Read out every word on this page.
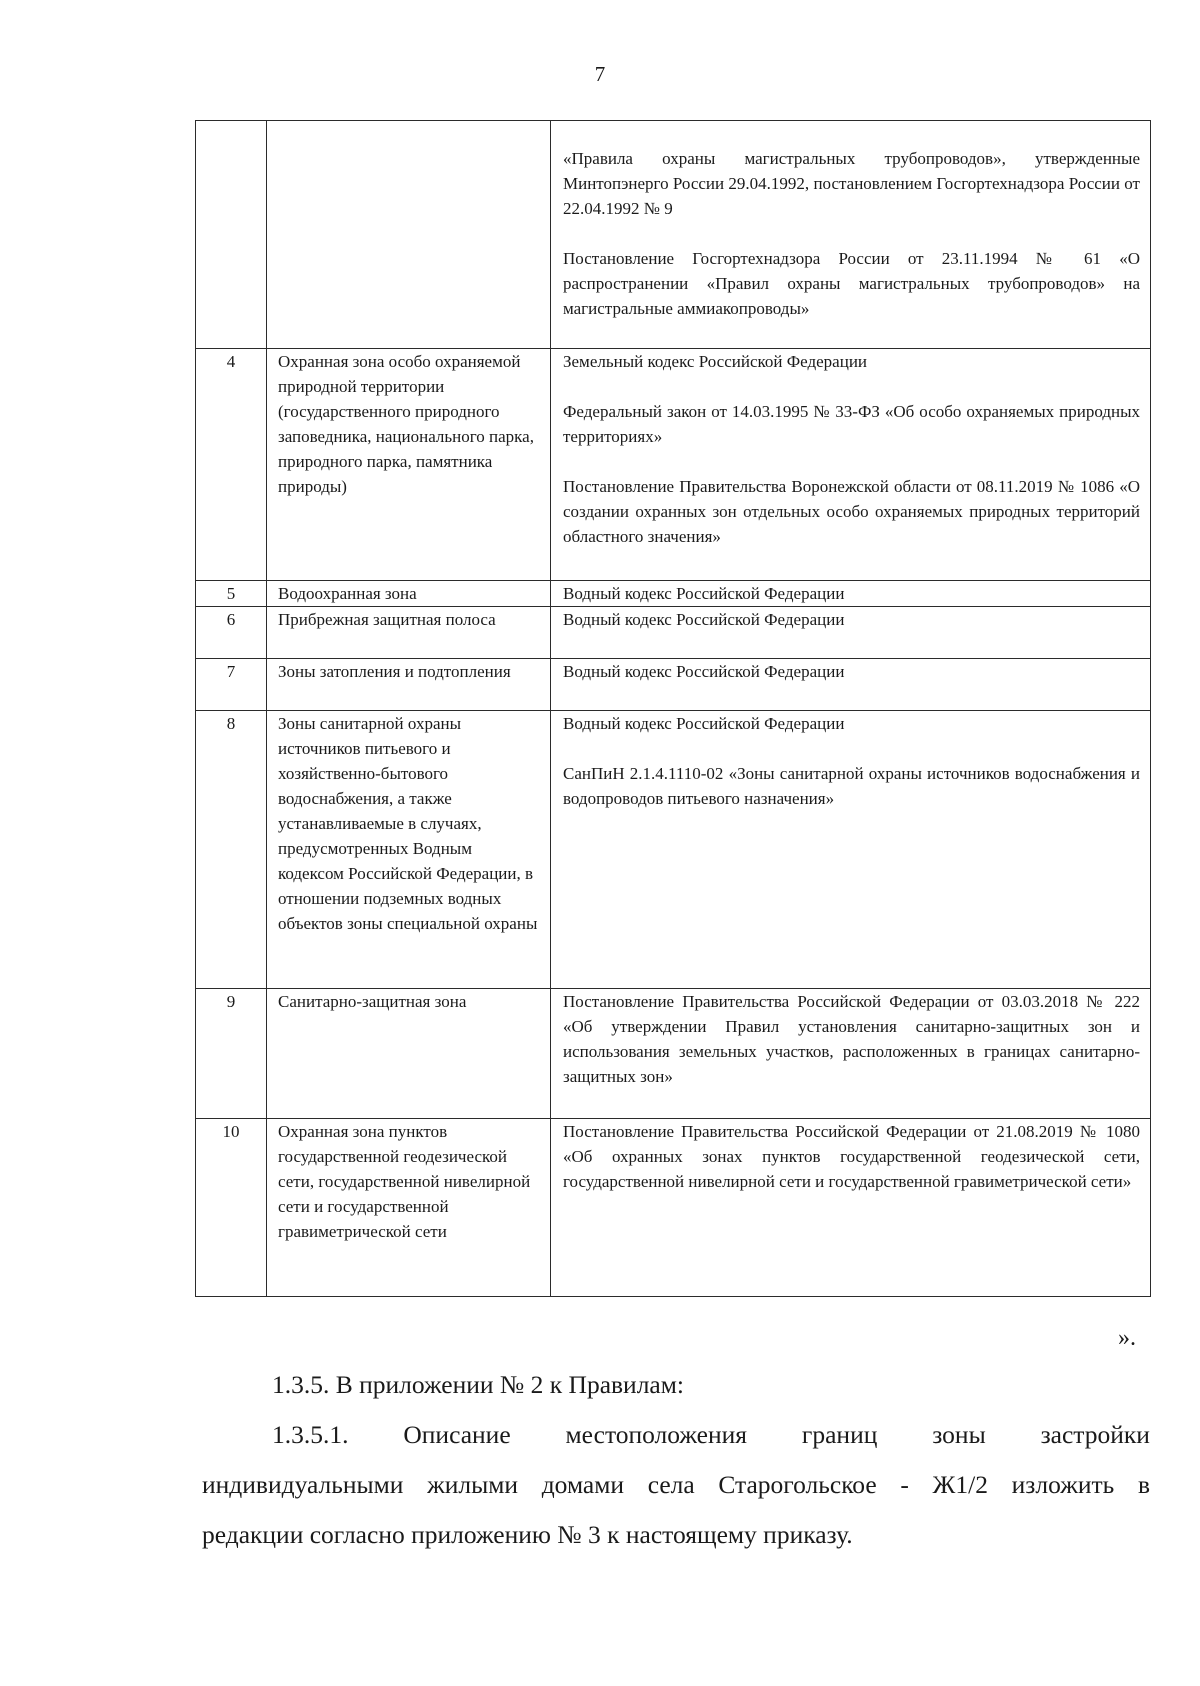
7

		«Правила охраны магистральных трубопроводов», утвержденные Минтопэнерго России 29.04.1992, постановлением Госгортехнадзора России от 22.04.1992 № 9

Постановление Госгортехнадзора России от 23.11.1994 № 61 «О распространении «Правил охраны магистральных трубопроводов» на магистральные аммиакопроводы»

4	Охранная зона особо охраняемой природной территории (государственного природного заповедника, национального парка, природного парка, памятника природы)	Земельный кодекс Российской Федерации

Федеральный закон от 14.03.1995 № 33-ФЗ «Об особо охраняемых природных территориях»

Постановление Правительства Воронежской области от 08.11.2019 № 1086 «О создании охранных зон отдельных особо охраняемых природных территорий областного значения»

5	Водоохранная зона	Водный кодекс Российской Федерации

6	Прибрежная защитная полоса	Водный кодекс Российской Федерации

7	Зоны затопления и подтопления	Водный кодекс Российской Федерации

8	Зоны санитарной охраны источников питьевого и хозяйственно-бытового водоснабжения, а также устанавливаемые в случаях, предусмотренных Водным кодексом Российской Федерации, в отношении подземных водных объектов зоны специальной охраны	Водный кодекс Российской Федерации

СанПиН 2.1.4.1110-02 «Зоны санитарной охраны источников водоснабжения и водопроводов питьевого назначения»

9	Санитарно-защитная зона	Постановление Правительства Российской Федерации от 03.03.2018 № 222 «Об утверждении Правил установления санитарно-защитных зон и использования земельных участков, расположенных в границах санитарно-защитных зон»

10	Охранная зона пунктов государственной геодезической сети, государственной нивелирной сети и государственной гравиметрической сети	Постановление Правительства Российской Федерации от 21.08.2019 № 1080 «Об охранных зонах пунктов государственной геодезической сети, государственной нивелирной сети и государственной гравиметрической сети»

».
1.3.5. В приложении № 2 к Правилам:
1.3.5.1. Описание местоположения границ зоны застройки
индивидуальными жилыми домами села Старогольское - Ж1/2 изложить в
редакции согласно приложению № 3 к настоящему приказу.
